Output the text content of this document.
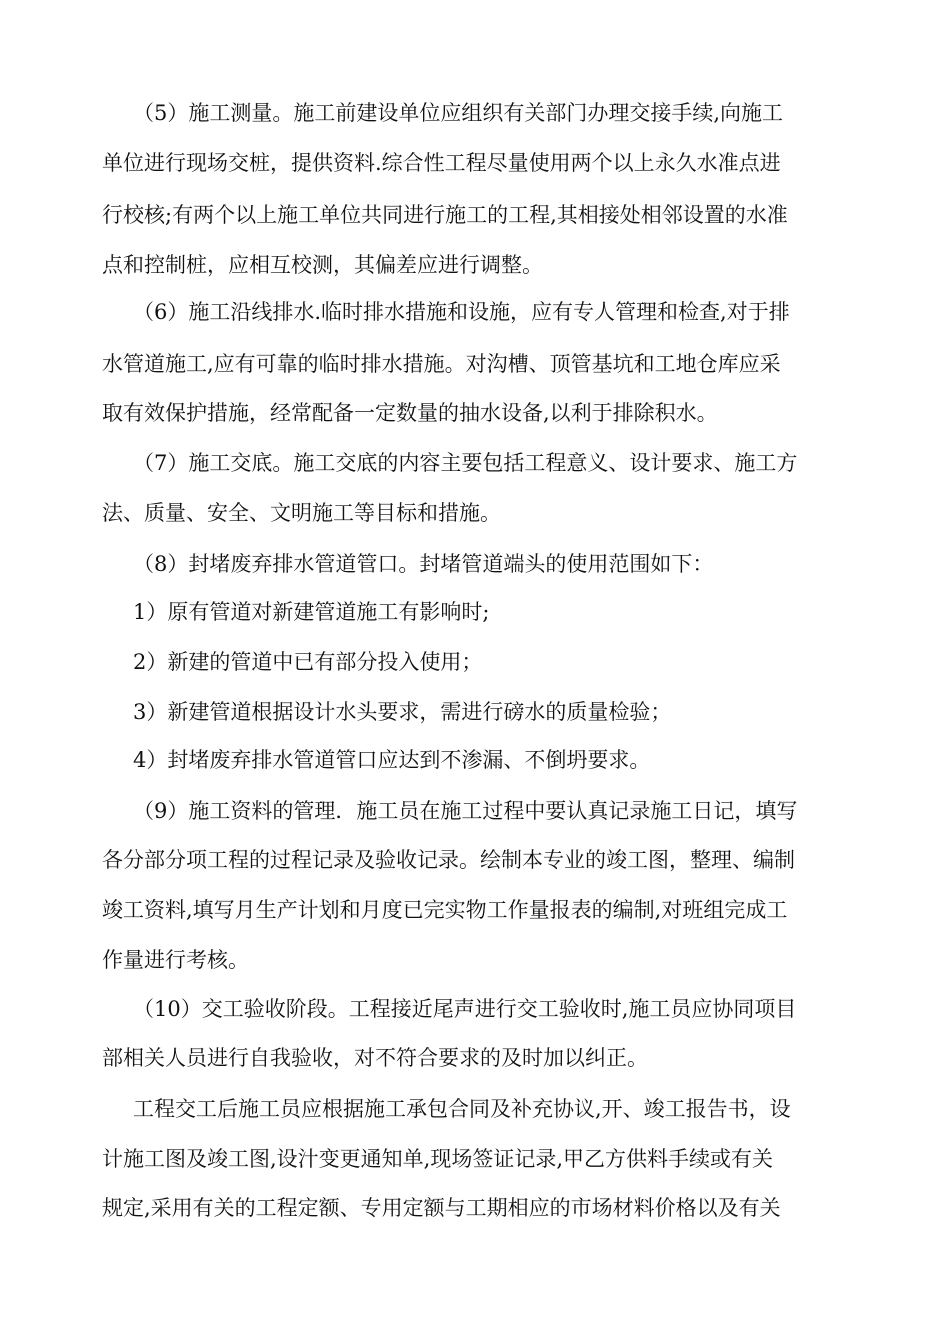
（5）施工测量。施工前建设单位应组织有关部门办理交接手续,向施工
单位进行现场交桩，提供资料.综合性工程尽量使用两个以上永久水准点进
行校核;有两个以上施工单位共同进行施工的工程,其相接处相邻设置的水准
点和控制桩，应相互校测，其偏差应进行调整。
（6）施工沿线排水.临时排水措施和设施，应有专人管理和检查,对于排
水管道施工,应有可靠的临时排水措施。对沟槽、顶管基坑和工地仓库应采
取有效保护措施，经常配备一定数量的抽水设备,以利于排除积水。
（7）施工交底。施工交底的内容主要包括工程意义、设计要求、施工方
法、质量、安全、文明施工等目标和措施。
（8）封堵废弃排水管道管口。封堵管道端头的使用范围如下：
1）原有管道对新建管道施工有影响时;
2）新建的管道中已有部分投入使用；
3）新建管道根据设计水头要求，需进行磅水的质量检验；
4）封堵废弃排水管道管口应达到不渗漏、不倒坍要求。
（9）施工资料的管理．施工员在施工过程中要认真记录施工日记，填写
各分部分项工程的过程记录及验收记录。绘制本专业的竣工图，整理、编制
竣工资料,填写月生产计划和月度已完实物工作量报表的编制,对班组完成工
作量进行考核。
（10）交工验收阶段。工程接近尾声进行交工验收时,施工员应协同项目
部相关人员进行自我验收，对不符合要求的及时加以纠正。
工程交工后施工员应根据施工承包合同及补充协议,开、竣工报告书，设
计施工图及竣工图,设汁变更通知单,现场签证记录,甲乙方供料手续或有关
规定,采用有关的工程定额、专用定额与工期相应的市场材料价格以及有关
